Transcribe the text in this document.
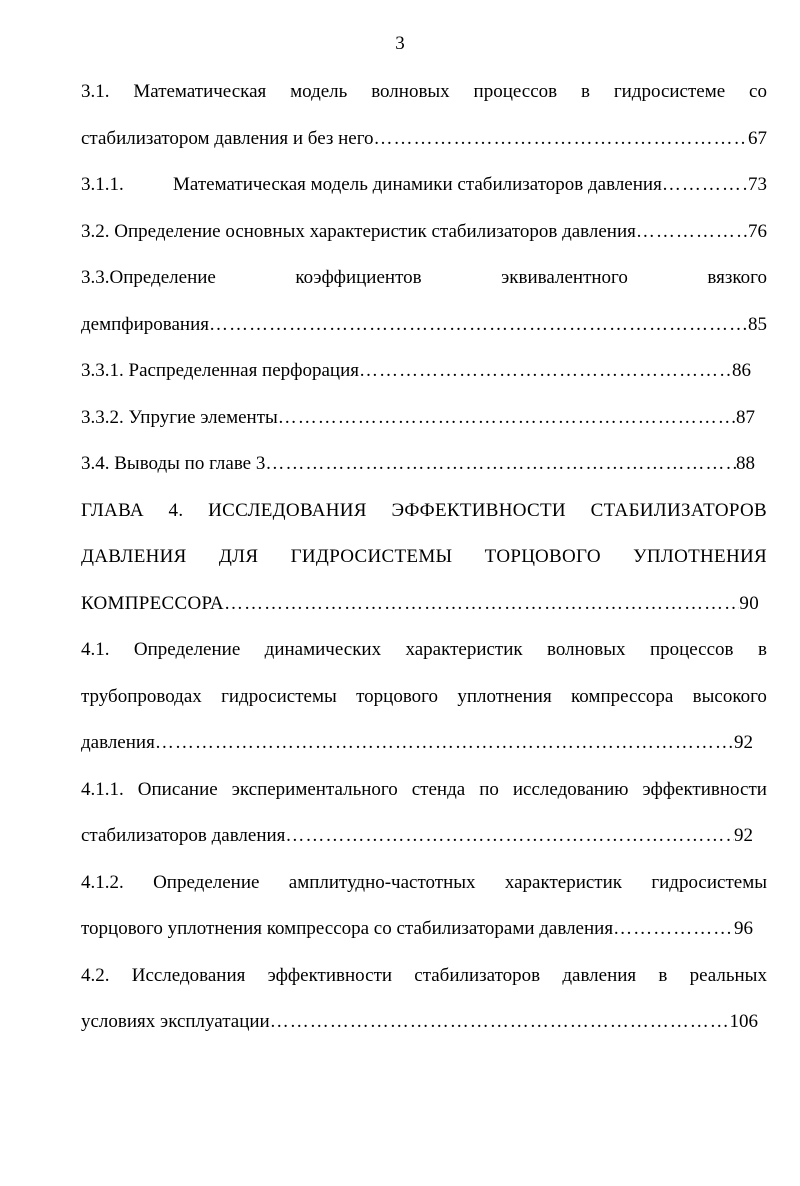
3
3.1. Математическая модель волновых процессов в гидросистеме со
стабилизатором давления и без него …………………………………………………………………………………………………………………………………………………	67
3.1.1.	Математическая модель динамики стабилизаторов давления …………………………………………………………………………………………………………………………………………………	73
3.2. Определение основных характеристик стабилизаторов давления …………………………………………………………………………………………………………………………………………………	76
3.3.Определение	коэффициентов	эквивалентного	вязкого
демпфирования …………………………………………………………………………………………………………………………………………………	85
3.3.1. Распределенная перфорация …………………………………………………………………………………………………………………………………………………	86
3.3.2. Упругие элементы …………………………………………………………………………………………………………………………………………………	87
3.4. Выводы по главе 3 …………………………………………………………………………………………………………………………………………………	88
ГЛАВА 4. ИССЛЕДОВАНИЯ ЭФФЕКТИВНОСТИ СТАБИЛИЗАТОРОВ
ДАВЛЕНИЯ ДЛЯ ГИДРОСИСТЕМЫ ТОРЦОВОГО УПЛОТНЕНИЯ
КОМПРЕССОРА …………………………………………………………………………………………………………………………………………………	90
4.1. Определение динамических характеристик волновых процессов в
трубопроводах гидросистемы торцового уплотнения компрессора высокого
давления …………………………………………………………………………………………………………………………………………………	92
4.1.1. Описание экспериментального стенда по исследованию эффективности
стабилизаторов давления …………………………………………………………………………………………………………………………………………………	92
4.1.2. Определение амплитудно-частотных характеристик гидросистемы
торцового уплотнения компрессора со стабилизаторами давления …………………………………………………………………………………………………………………………………………………	96
4.2. Исследования эффективности стабилизаторов давления в реальных
условиях эксплуатации …………………………………………………………………………………………………………………………………………………	106
